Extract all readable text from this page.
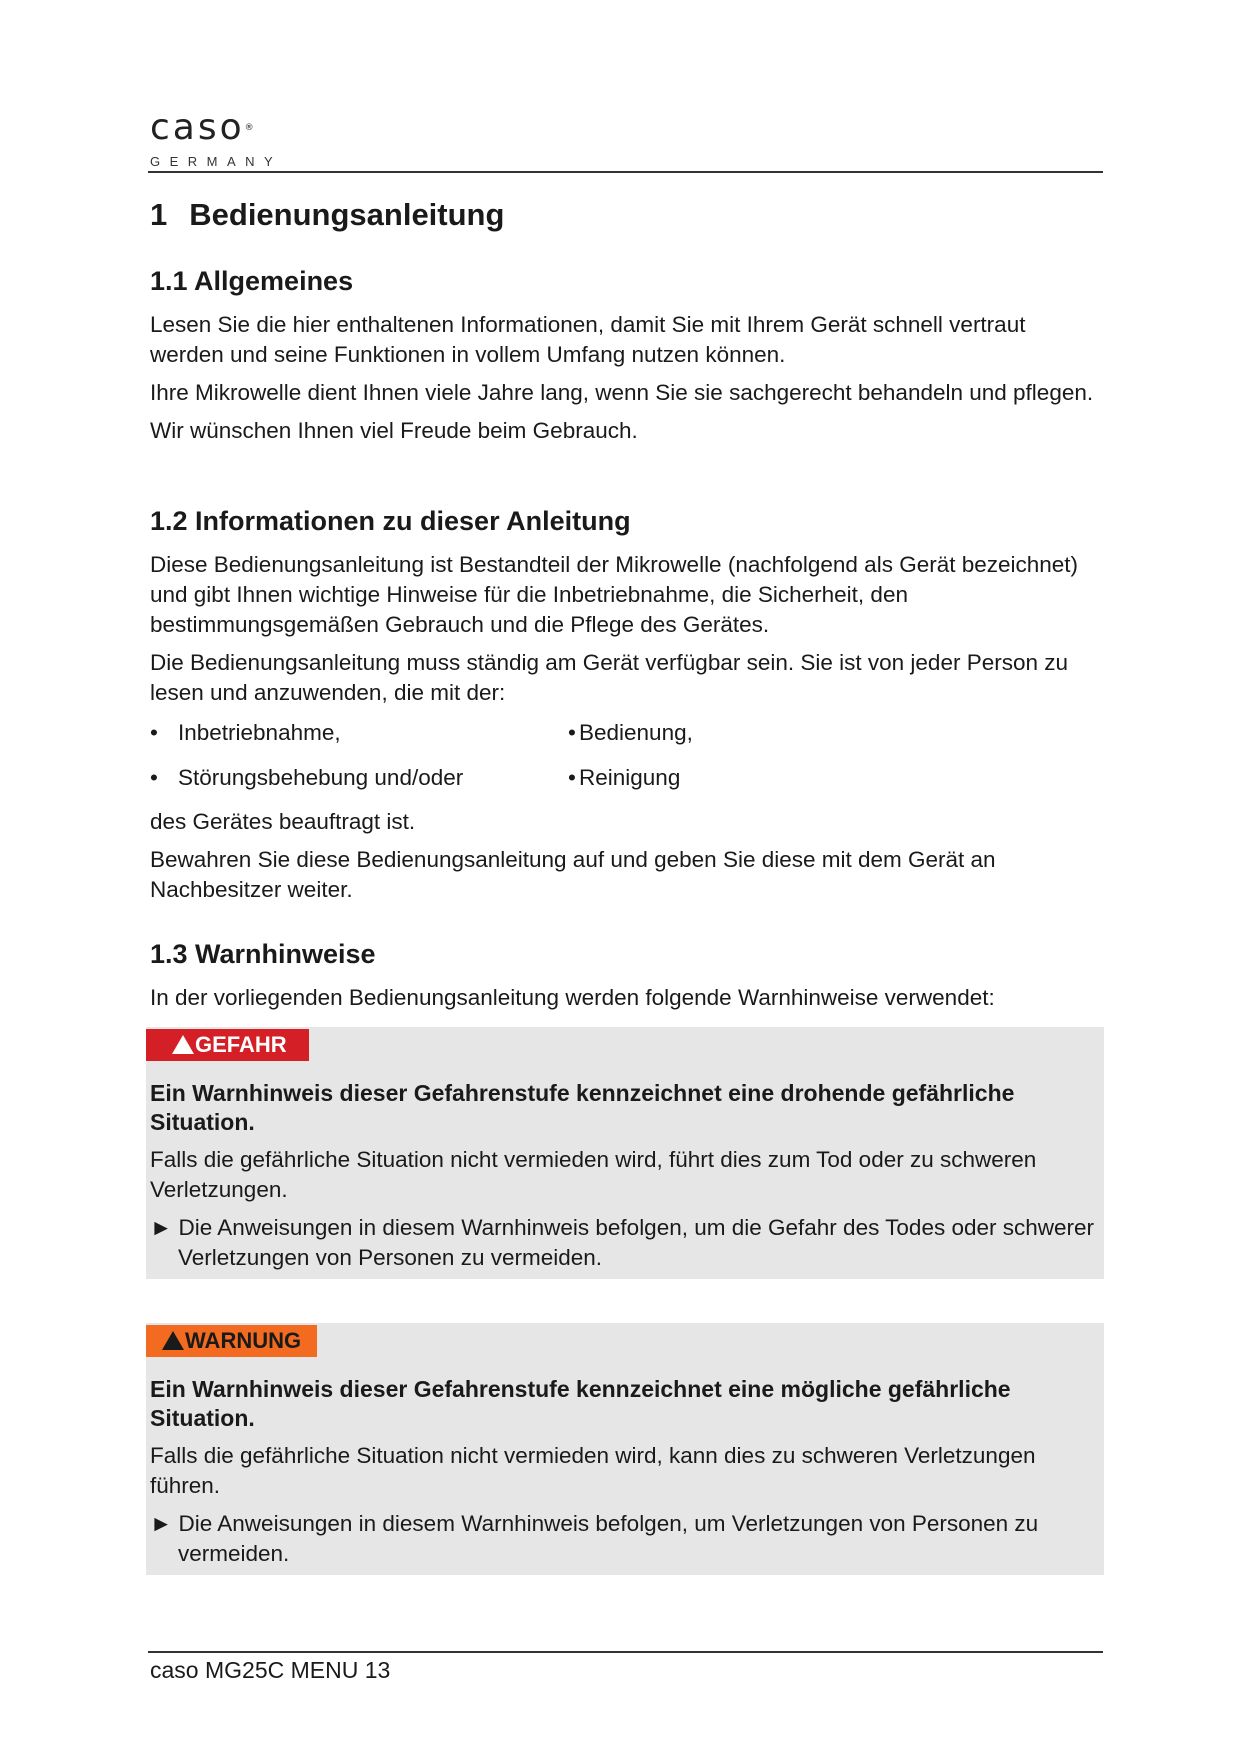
caso®
GERMANY
1 Bedienungsanleitung
1.1 Allgemeines

Lesen Sie die hier enthaltenen Informationen, damit Sie mit Ihrem Gerät schnell vertraut werden und seine Funktionen in vollem Umfang nutzen können.

Ihre Mikrowelle dient Ihnen viele Jahre lang, wenn Sie sie sachgerecht behandeln und pflegen.

Wir wünschen Ihnen viel Freude beim Gebrauch.

1.2 Informationen zu dieser Anleitung

Diese Bedienungsanleitung ist Bestandteil der Mikrowelle (nachfolgend als Gerät bezeichnet) und gibt Ihnen wichtige Hinweise für die Inbetriebnahme, die Sicherheit, den bestimmungsgemäßen Gebrauch und die Pflege des Gerätes.

Die Bedienungsanleitung muss ständig am Gerät verfügbar sein. Sie ist von jeder Person zu lesen und anzuwenden, die mit der:

• Inbetriebnahme,	• Bedienung,
• Störungsbehebung und/oder	• Reinigung

des Gerätes beauftragt ist.

Bewahren Sie diese Bedienungsanleitung auf und geben Sie diese mit dem Gerät an Nachbesitzer weiter.

1.3 Warnhinweise

In der vorliegenden Bedienungsanleitung werden folgende Warnhinweise verwendet:

GEFAHR

Ein Warnhinweis dieser Gefahrenstufe kennzeichnet eine drohende gefährliche Situation.

Falls die gefährliche Situation nicht vermieden wird, führt dies zum Tod oder zu schweren Verletzungen.

► Die Anweisungen in diesem Warnhinweis befolgen, um die Gefahr des Todes oder schwerer Verletzungen von Personen zu vermeiden.

WARNUNG

Ein Warnhinweis dieser Gefahrenstufe kennzeichnet eine mögliche gefährliche Situation.

Falls die gefährliche Situation nicht vermieden wird, kann dies zu schweren Verletzungen führen.

► Die Anweisungen in diesem Warnhinweis befolgen, um Verletzungen von Personen zu vermeiden.

caso MG25C MENU 13
